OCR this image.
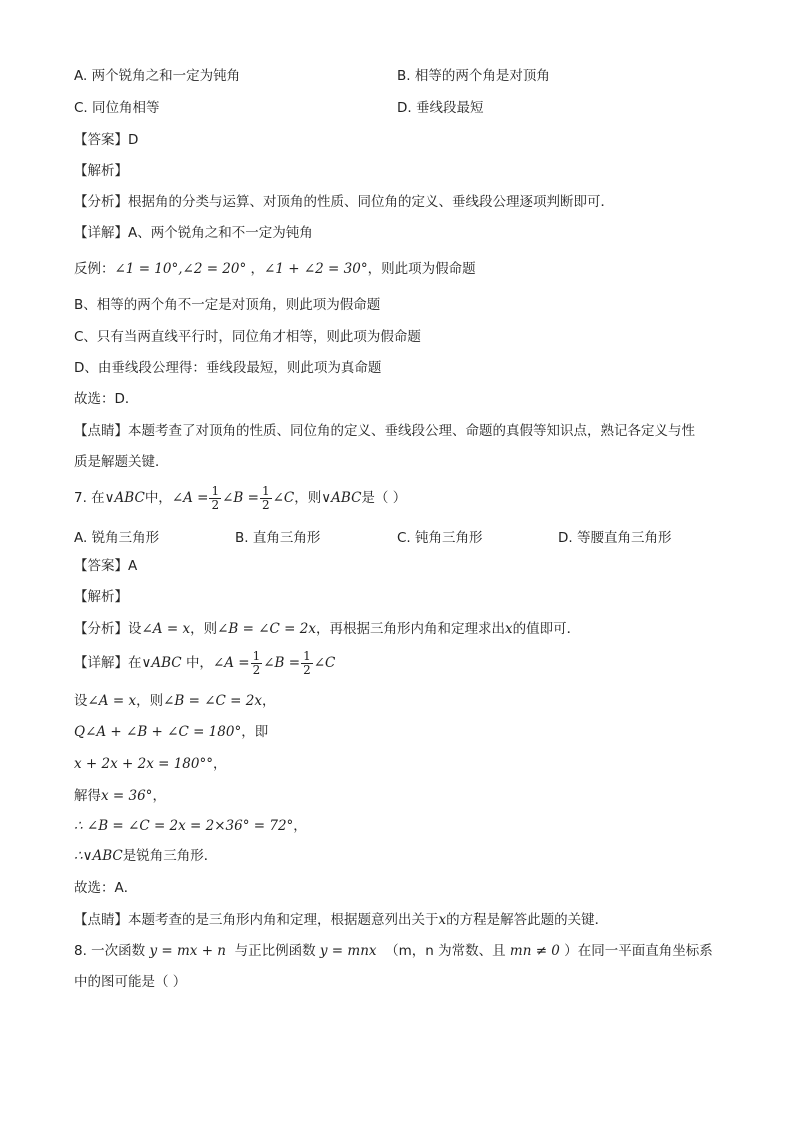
A. 两个锐角之和一定为钝角	B. 相等的两个角是对顶角
C. 同位角相等	D. 垂线段最短
【答案】D
【解析】
【分析】根据角的分类与运算、对顶角的性质、同位角的定义、垂线段公理逐项判断即可．
【详解】A、两个锐角之和不一定为钝角
反例：∠1 = 10°,∠2 = 20° ，∠1 + ∠2 = 30°，则此项为假命题
B、相等的两个角不一定是对顶角，则此项为假命题
C、只有当两直线平行时，同位角才相等，则此项为假命题
D、由垂线段公理得：垂线段最短，则此项为真命题
故选：D．
【点睛】本题考查了对顶角的性质、同位角的定义、垂线段公理、命题的真假等知识点，熟记各定义与性
质是解题关键．
7. 在∨ABC中，∠A = $\frac{1}{2}$ ∠B = $\frac{1}{2}$ ∠C，则∨ABC是（ ）
A. 锐角三角形	B. 直角三角形	C. 钝角三角形	D. 等腰直角三角形
【答案】A
【解析】
【分析】设∠A = x，则∠B = ∠C = 2x，再根据三角形内角和定理求出x的值即可．
【详解】在∨ABC 中，∠A = $\frac{1}{2}$ ∠B = $\frac{1}{2}$ ∠C
设∠A = x，则∠B = ∠C = 2x，
Q∠A + ∠B + ∠C = 180°，即
x + 2x + 2x = 180°°，
解得x = 36°，
∴ ∠B = ∠C = 2x = 2×36° = 72°，
∴∨ABC是锐角三角形．
故选：A．
【点睛】本题考查的是三角形内角和定理，根据题意列出关于x的方程是解答此题的关键．
8. 一次函数 y = mx + n 与正比例函数 y = mnx （m，n 为常数、且 mn ≠ 0 ）在同一平面直角坐标系
中的图可能是（ ）
